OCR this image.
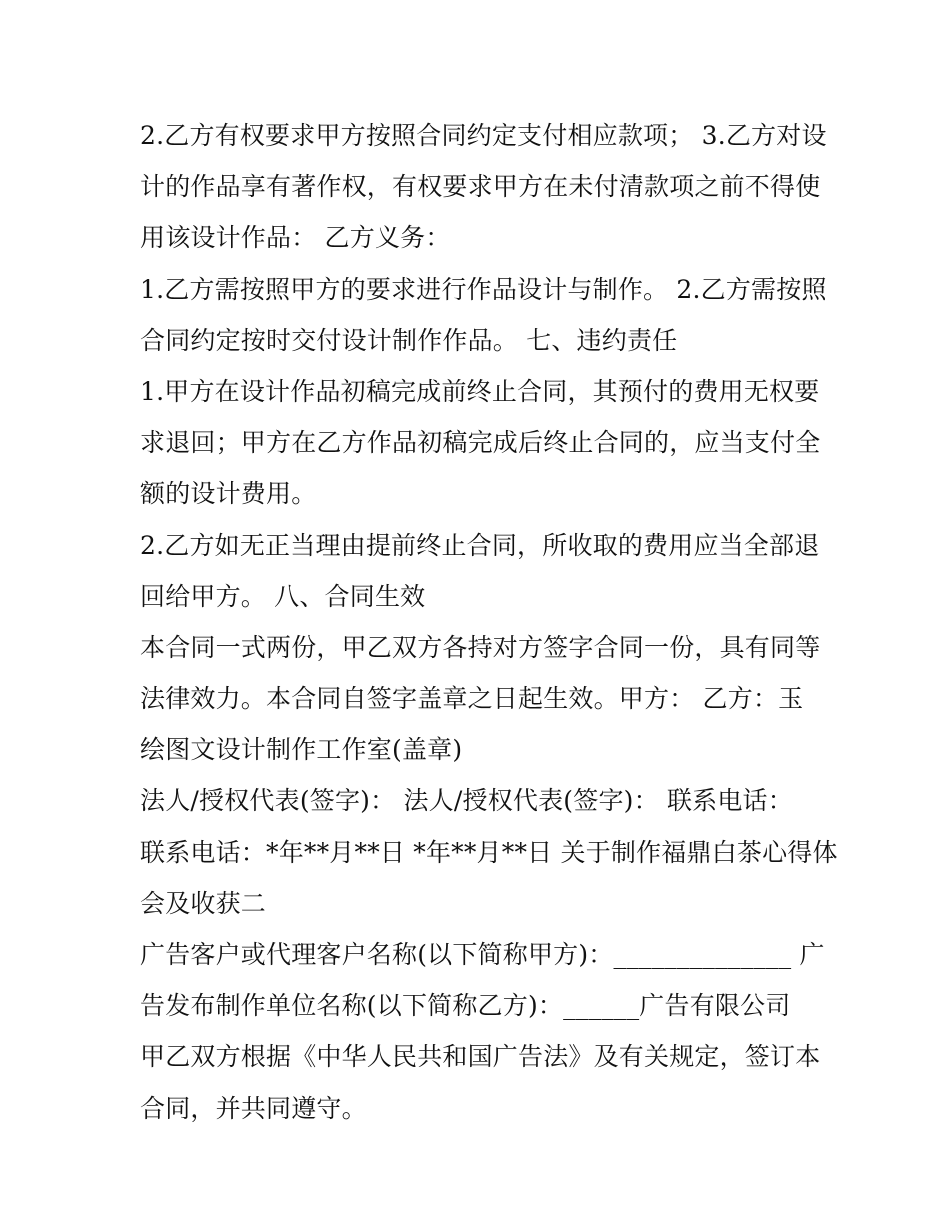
2.乙方有权要求甲方按照合同约定支付相应款项； 3.乙方对设
计的作品享有著作权，有权要求甲方在未付清款项之前不得使
用该设计作品： 乙方义务：
1.乙方需按照甲方的要求进行作品设计与制作。 2.乙方需按照
合同约定按时交付设计制作作品。 七、违约责任
1.甲方在设计作品初稿完成前终止合同，其预付的费用无权要
求退回；甲方在乙方作品初稿完成后终止合同的，应当支付全
额的设计费用。
2.乙方如无正当理由提前终止合同，所收取的费用应当全部退
回给甲方。 八、合同生效
本合同一式两份，甲乙双方各持对方签字合同一份，具有同等
法律效力。本合同自签字盖章之日起生效。甲方： 乙方：玉
绘图文设计制作工作室(盖章)
法人/授权代表(签字)： 法人/授权代表(签字)： 联系电话：
联系电话：*年**月**日 *年**月**日 关于制作福鼎白茶心得体
会及收获二
广告客户或代理客户名称(以下简称甲方)：______________ 广
告发布制作单位名称(以下简称乙方)：______广告有限公司
甲乙双方根据《中华人民共和国广告法》及有关规定，签订本
合同，并共同遵守。
